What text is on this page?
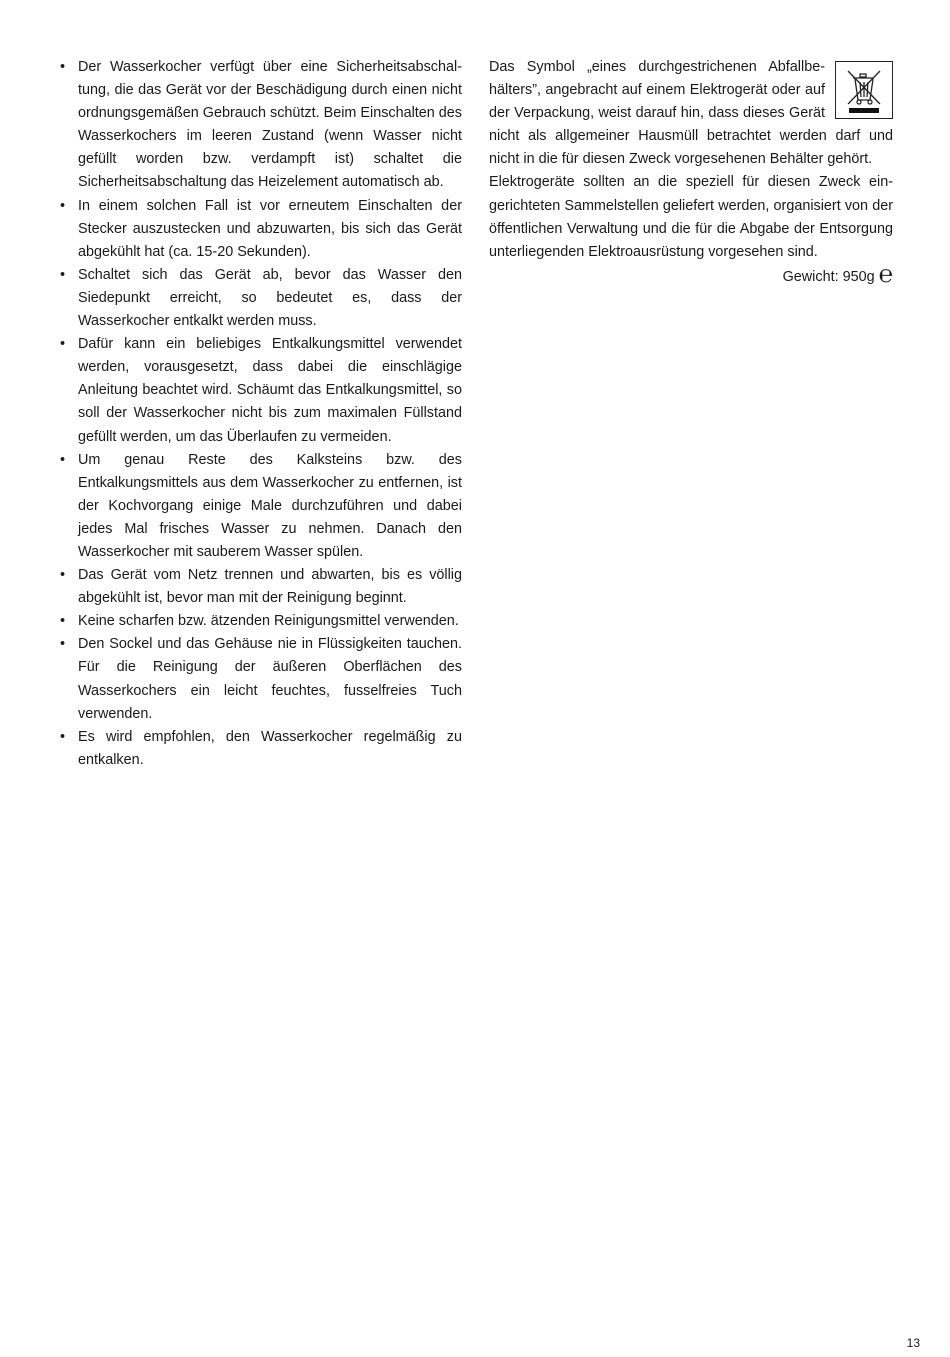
• Der Wasserkocher verfügt über eine Sicherheitsabschaltung, die das Gerät vor der Beschädigung durch einen nicht ordnungsgemäßen Gebrauch schützt. Beim Einschalten des Wasserkochers im leeren Zustand (wenn Wasser nicht gefüllt worden bzw. verdampft ist) schaltet die Sicherheitsabschaltung das Heizelement automatisch ab.
• In einem solchen Fall ist vor erneutem Einschalten der Stecker auszustecken und abzuwarten, bis sich das Gerät abgekühlt hat (ca. 15-20 Sekunden).
• Schaltet sich das Gerät ab, bevor das Wasser den Siedepunkt erreicht, so bedeutet es, dass der Wasserkocher entkalkt werden muss.
• Dafür kann ein beliebiges Entkalkungsmittel verwendet werden, vorausgesetzt, dass dabei die einschlägige Anleitung beachtet wird. Schäumt das Entkalkungsmittel, so soll der Wasserkocher nicht bis zum maximalen Füllstand gefüllt werden, um das Überlaufen zu vermeiden.
• Um genau Reste des Kalksteins bzw. des Entkalkungsmittels aus dem Wasserkocher zu entfernen, ist der Kochvorgang einige Male durchzuführen und dabei jedes Mal frisches Wasser zu nehmen. Danach den Wasserkocher mit sauberem Wasser spülen.
• Das Gerät vom Netz trennen und abwarten, bis es völlig abgekühlt ist, bevor man mit der Reinigung beginnt.
• Keine scharfen bzw. ätzenden Reinigungsmittel verwenden.
• Den Sockel und das Gehäuse nie in Flüssigkeiten tauchen. Für die Reinigung der äußeren Oberflächen des Wasserkochers ein leicht feuchtes, fusselfreies Tuch verwenden.
• Es wird empfohlen, den Wasserkocher regelmäßig zu entkalken.

Das Symbol „eines durchgestrichenen Abfallbehälters”, angebracht auf einem Elektrogerät oder auf der Verpackung, weist darauf hin, dass dieses Gerät nicht als allgemeiner Hausmüll betrachtet werden darf und nicht in die für diesen Zweck vorgesehenen Behälter gehört.

Elektrogeräte sollten an die speziell für diesen Zweck eingerichteten Sammelstellen geliefert werden, organisiert von der öffentlichen Verwaltung und die für die Abgabe der Entsorgung unterliegenden Elektroausrüstung vorgesehen sind.

Gewicht: 950g ℮
13
